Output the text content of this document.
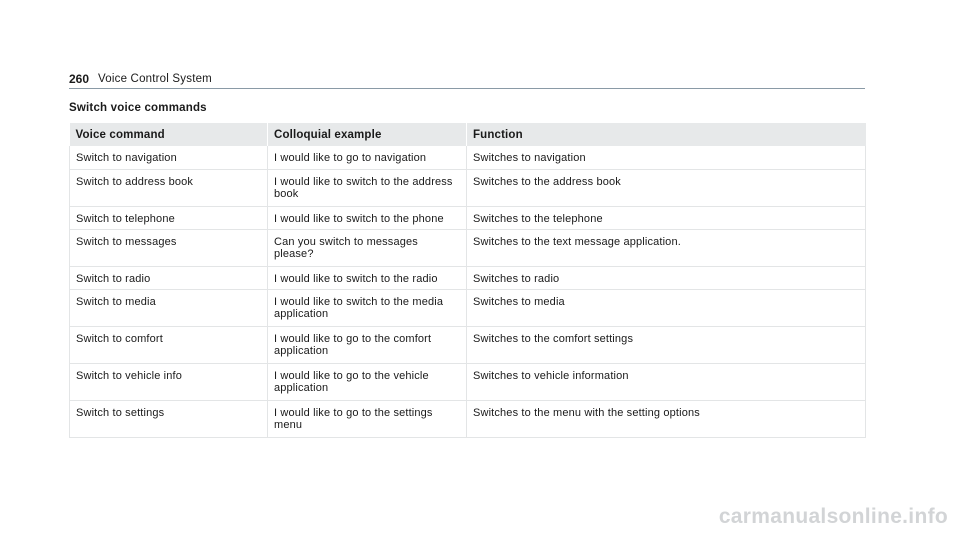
260 Voice Control System
Switch voice commands
Voice command	Colloquial example	Function
Switch to navigation	I would like to go to navigation	Switches to navigation
Switch to address book	I would like to switch to the address book	Switches to the address book
Switch to telephone	I would like to switch to the phone	Switches to the telephone
Switch to messages	Can you switch to messages please?	Switches to the text message application.
Switch to radio	I would like to switch to the radio	Switches to radio
Switch to media	I would like to switch to the media application	Switches to media
Switch to comfort	I would like to go to the comfort application	Switches to the comfort settings
Switch to vehicle info	I would like to go to the vehicle application	Switches to vehicle information
Switch to settings	I would like to go to the settings menu	Switches to the menu with the setting options
carmanualsonline.info
